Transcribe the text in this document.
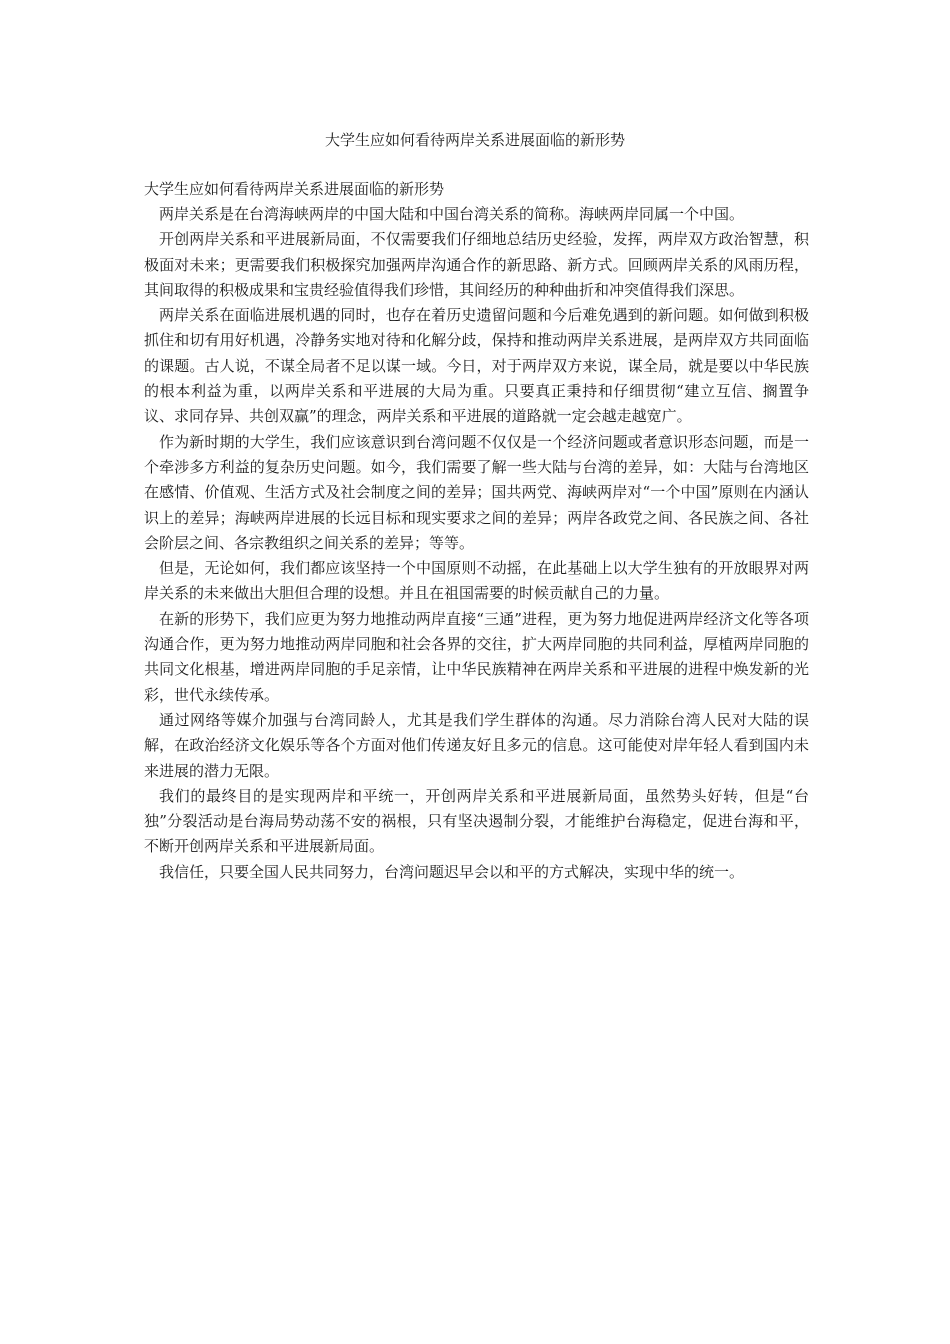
大学生应如何看待两岸关系进展面临的新形势
大学生应如何看待两岸关系进展面临的新形势

两岸关系是在台湾海峡两岸的中国大陆和中国台湾关系的简称。海峡两岸同属一个中国。

开创两岸关系和平进展新局面，不仅需要我们仔细地总结历史经验，发挥，两岸双方政治智慧，积极面对未来；更需要我们积极探究加强两岸沟通合作的新思路、新方式。回顾两岸关系的风雨历程，其间取得的积极成果和宝贵经验值得我们珍惜，其间经历的种种曲折和冲突值得我们深思。

两岸关系在面临进展机遇的同时，也存在着历史遗留问题和今后难免遇到的新问题。如何做到积极抓住和切有用好机遇，冷静务实地对待和化解分歧，保持和推动两岸关系进展，是两岸双方共同面临的课题。古人说，不谋全局者不足以谋一域。今日，对于两岸双方来说，谋全局，就是要以中华民族的根本利益为重，以两岸关系和平进展的大局为重。只要真正秉持和仔细贯彻“建立互信、搁置争议、求同存异、共创双赢”的理念，两岸关系和平进展的道路就一定会越走越宽广。

作为新时期的大学生，我们应该意识到台湾问题不仅仅是一个经济问题或者意识形态问题，而是一个牵涉多方利益的复杂历史问题。如今，我们需要了解一些大陆与台湾的差异，如：大陆与台湾地区在感情、价值观、生活方式及社会制度之间的差异；国共两党、海峡两岸对“一个中国”原则在内涵认识上的差异；海峡两岸进展的长远目标和现实要求之间的差异；两岸各政党之间、各民族之间、各社会阶层之间、各宗教组织之间关系的差异；等等。

但是，无论如何，我们都应该坚持一个中国原则不动摇，在此基础上以大学生独有的开放眼界对两岸关系的未来做出大胆但合理的设想。并且在祖国需要的时候贡献自己的力量。

在新的形势下，我们应更为努力地推动两岸直接“三通”进程，更为努力地促进两岸经济文化等各项沟通合作，更为努力地推动两岸同胞和社会各界的交往，扩大两岸同胞的共同利益，厚植两岸同胞的共同文化根基，增进两岸同胞的手足亲情，让中华民族精神在两岸关系和平进展的进程中焕发新的光彩，世代永续传承。

通过网络等媒介加强与台湾同龄人，尤其是我们学生群体的沟通。尽力消除台湾人民对大陆的误解，在政治经济文化娱乐等各个方面对他们传递友好且多元的信息。这可能使对岸年轻人看到国内未来进展的潜力无限。

我们的最终目的是实现两岸和平统一，开创两岸关系和平进展新局面，虽然势头好转，但是“台独”分裂活动是台海局势动荡不安的祸根，只有坚决遏制分裂，才能维护台海稳定，促进台海和平，不断开创两岸关系和平进展新局面。

我信任，只要全国人民共同努力，台湾问题迟早会以和平的方式解决，实现中华的统一。
